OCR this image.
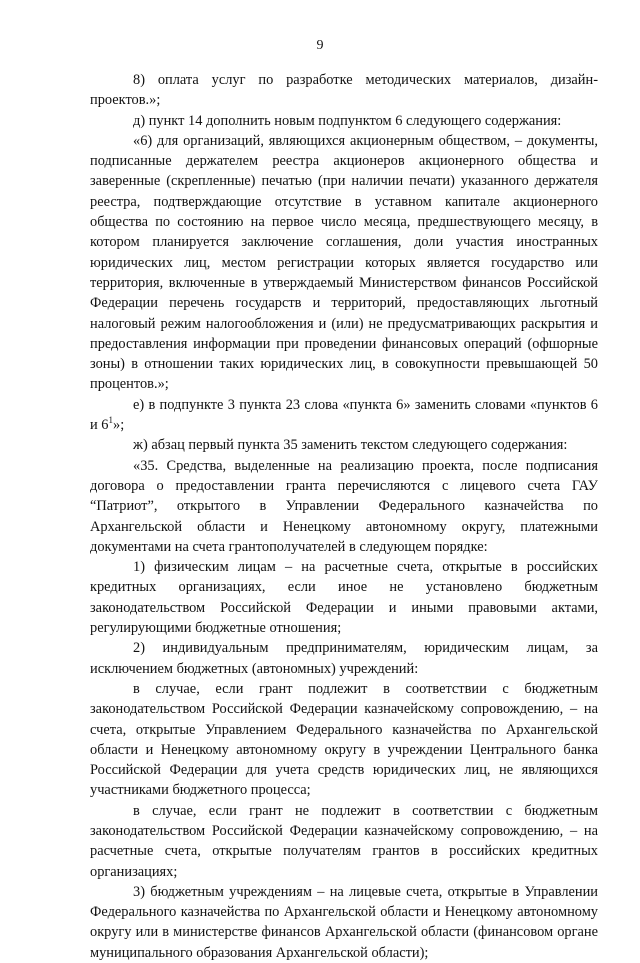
9

8) оплата услуг по разработке методических материалов, дизайн-проектов.»;

д) пункт 14 дополнить новым подпунктом 6 следующего содержания:

«6) для организаций, являющихся акционерным обществом, – документы, подписанные держателем реестра акционеров акционерного общества и заверенные (скрепленные) печатью (при наличии печати) указанного держателя реестра, подтверждающие отсутствие в уставном капитале акционерного общества по состоянию на первое число месяца, предшествующего месяцу, в котором планируется заключение соглашения, доли участия иностранных юридических лиц, местом регистрации которых является государство или территория, включенные в утверждаемый Министерством финансов Российской Федерации перечень государств и территорий, предоставляющих льготный налоговый режим налогообложения и (или) не предусматривающих раскрытия и предоставления информации при проведении финансовых операций (офшорные зоны) в отношении таких юридических лиц, в совокупности превышающей 50 процентов.»;

е) в подпункте 3 пункта 23 слова «пункта 6» заменить словами «пунктов 6 и $6^1$»;

ж) абзац первый пункта 35 заменить текстом следующего содержания:

«35. Средства, выделенные на реализацию проекта, после подписания договора о предоставлении гранта перечисляются с лицевого счета ГАУ “Патриот”, открытого в Управлении Федерального казначейства по Архангельской области и Ненецкому автономному округу, платежными документами на счета грантополучателей в следующем порядке:

1) физическим лицам – на расчетные счета, открытые в российских кредитных организациях, если иное не установлено бюджетным законодательством Российской Федерации и иными правовыми актами, регулирующими бюджетные отношения;

2) индивидуальным предпринимателям, юридическим лицам, за исключением бюджетных (автономных) учреждений:

в случае, если грант подлежит в соответствии с бюджетным законодательством Российской Федерации казначейскому сопровождению, – на счета, открытые Управлением Федерального казначейства по Архангельской области и Ненецкому автономному округу в учреждении Центрального банка Российской Федерации для учета средств юридических лиц, не являющихся участниками бюджетного процесса;

в случае, если грант не подлежит в соответствии с бюджетным законодательством Российской Федерации казначейскому сопровождению, – на расчетные счета, открытые получателям грантов в российских кредитных организациях;

3) бюджетным учреждениям – на лицевые счета, открытые в Управлении Федерального казначейства по Архангельской области и Ненецкому автономному округу или в министерстве финансов Архангельской области (финансовом органе муниципального образования Архангельской области);
